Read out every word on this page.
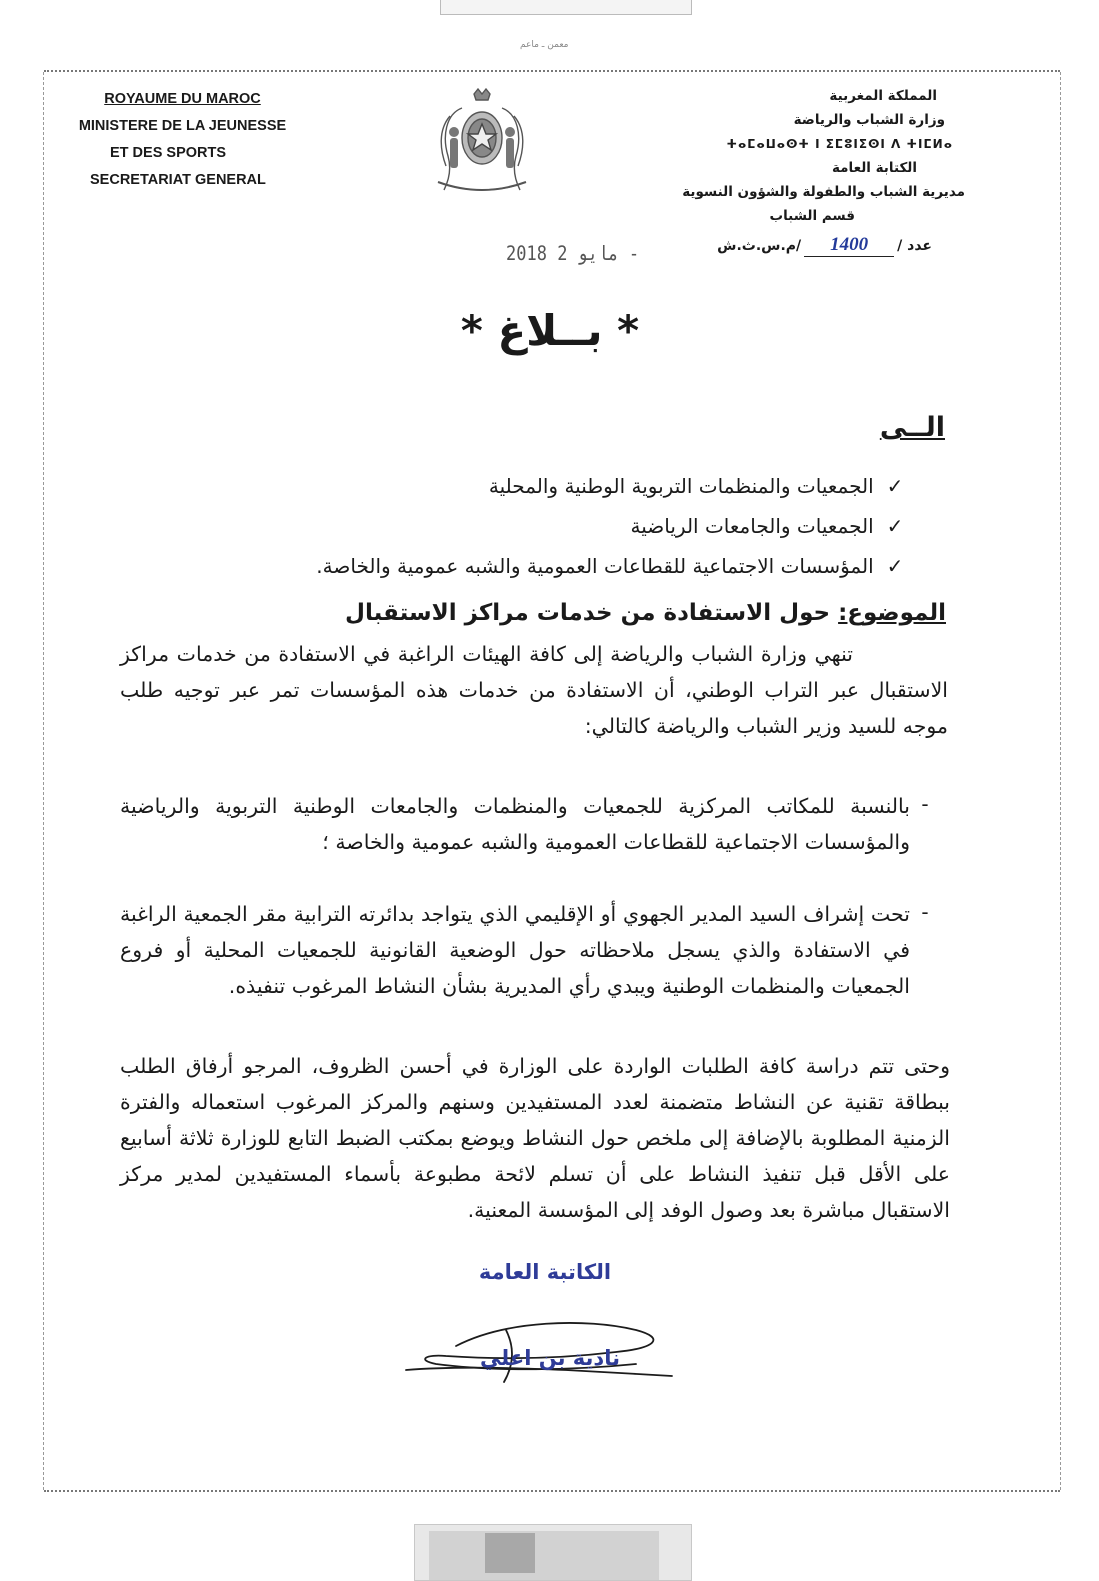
معمن ـ ماعم
ROYAUME DU MAROC
MINISTERE DE LA JEUNESSE
ET DES SPORTS
SECRETARIAT GENERAL
المملكة المغربية
وزارة الشباب والرياضة
ⵜⴰⵎⴰⵡⴰⵙⵜ ⵏ ⵉⵎⵓⵏⵉⵙⵏ ⴷ ⵜⵏⵎⵍⴰ
الكتابة العامة
مديرية الشباب والطفولة والشؤون النسوية
قسم الشباب
عدد /1400/م.س.ث.ش
2018 مايو 2 -
* بــلاغ *
الــى
✓ الجمعيات والمنظمات التربوية الوطنية والمحلية
✓ الجمعيات والجامعات الرياضية
✓ المؤسسات الاجتماعية للقطاعات العمومية والشبه عمومية والخاصة.
الموضوع: حول الاستفادة من خدمات مراكز الاستقبال
تنهي وزارة الشباب والرياضة إلى كافة الهيئات الراغبة في الاستفادة من خدمات مراكز الاستقبال عبر التراب الوطني، أن الاستفادة من خدمات هذه المؤسسات تمر عبر توجيه طلب موجه للسيد وزير الشباب والرياضة كالتالي:
-
بالنسبة للمكاتب المركزية للجمعيات والمنظمات والجامعات الوطنية التربوية والرياضية والمؤسسات الاجتماعية للقطاعات العمومية والشبه عمومية والخاصة ؛
-
تحت إشراف السيد المدير الجهوي أو الإقليمي الذي يتواجد بدائرته الترابية مقر الجمعية الراغبة في الاستفادة والذي يسجل ملاحظاته حول الوضعية القانونية للجمعيات المحلية أو فروع الجمعيات والمنظمات الوطنية ويبدي رأي المديرية بشأن النشاط المرغوب تنفيذه.
وحتى تتم دراسة كافة الطلبات الواردة على الوزارة في أحسن الظروف، المرجو أرفاق الطلب ببطاقة تقنية عن النشاط متضمنة لعدد المستفيدين وسنهم والمركز المرغوب استعماله والفترة الزمنية المطلوبة بالإضافة إلى ملخص حول النشاط ويوضع بمكتب الضبط التابع للوزارة ثلاثة أسابيع على الأقل قبل تنفيذ النشاط على أن تسلم لائحة مطبوعة بأسماء المستفيدين لمدير مركز الاستقبال مباشرة بعد وصول الوفد إلى المؤسسة المعنية.
الكاتبة العامة
نادية بن اعلي
